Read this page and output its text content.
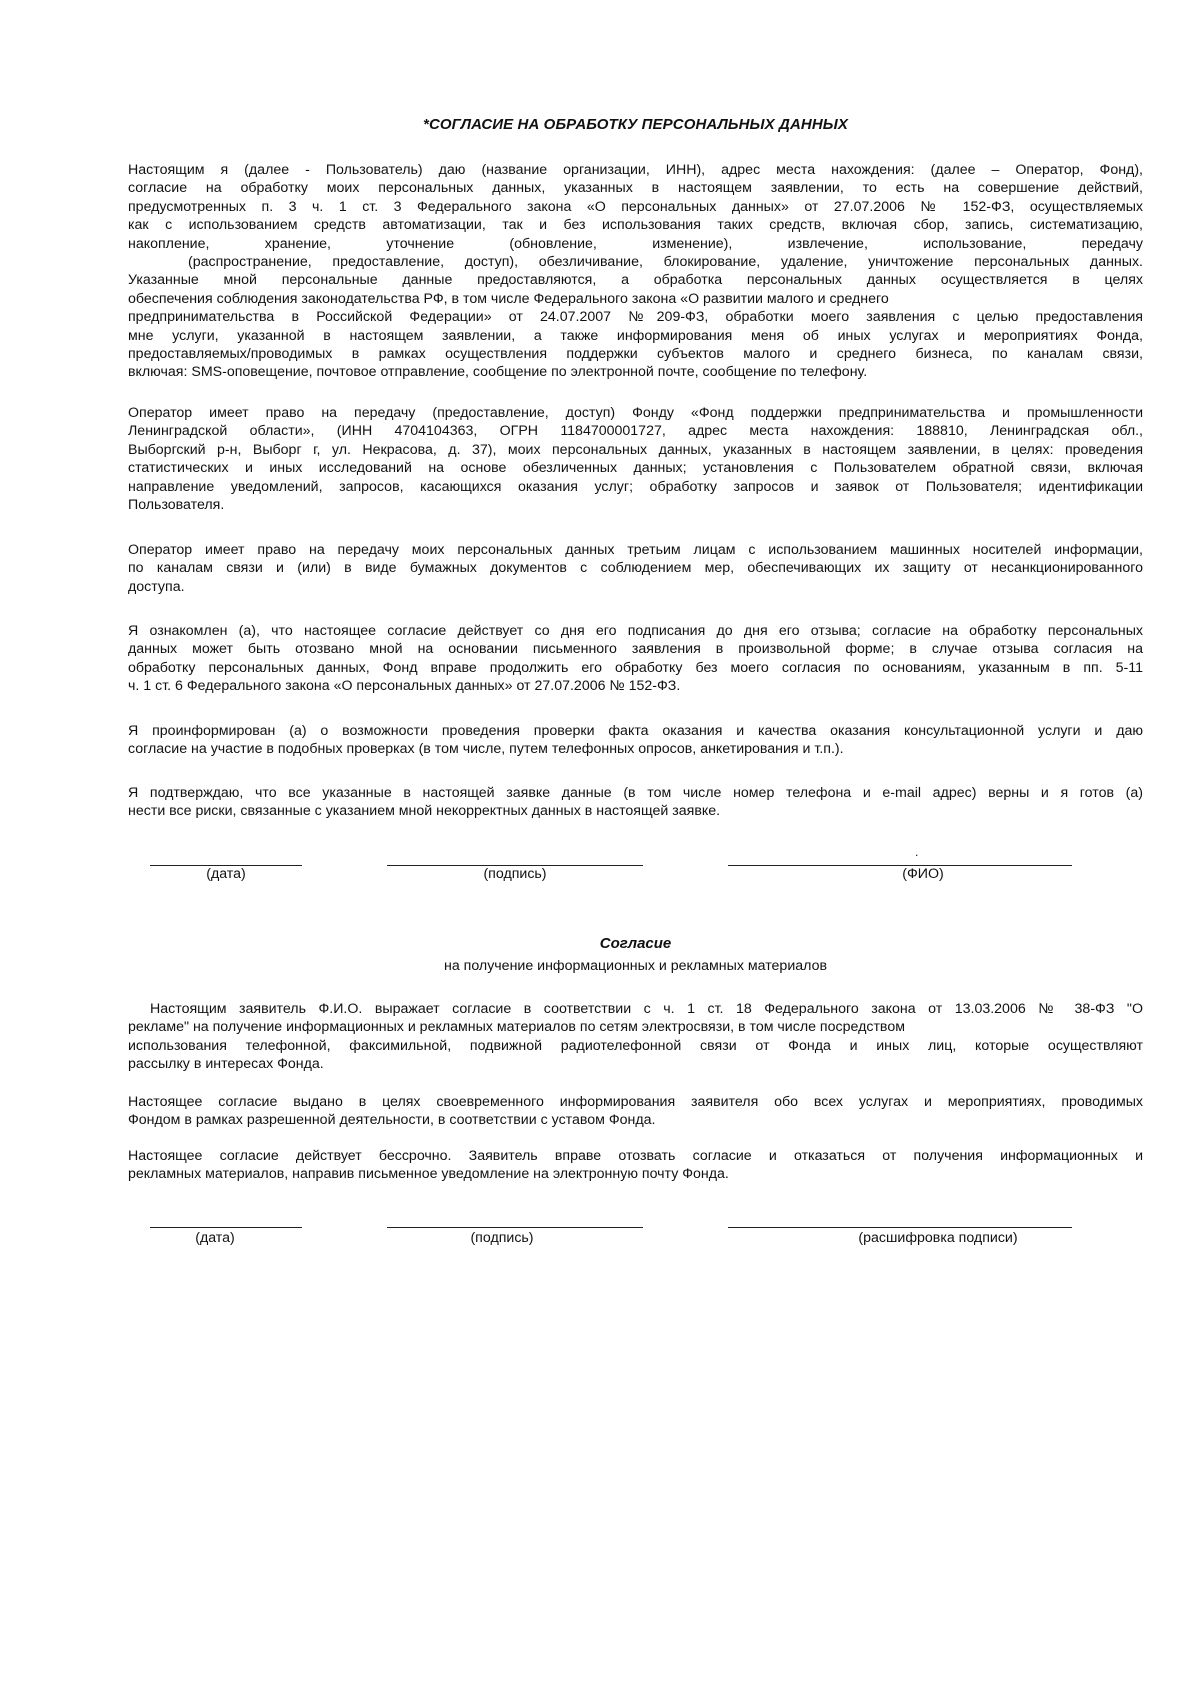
*СОГЛАСИЕ НА ОБРАБОТКУ ПЕРСОНАЛЬНЫХ ДАННЫХ
Настоящим я (далее - Пользователь) даю (название организации, ИНН), адрес места нахождения: (далее – Оператор, Фонд),
согласие на обработку моих персональных данных, указанных в настоящем заявлении, то есть на совершение действий,
предусмотренных п. 3 ч. 1 ст. 3 Федерального закона «О персональных данных» от 27.07.2006 № 152-ФЗ, осуществляемых
как с использованием средств автоматизации, так и без использования таких средств, включая сбор, запись, систематизацию,
накопление, хранение, уточнение (обновление, изменение), извлечение, использование, передачу
(распространение, предоставление, доступ), обезличивание, блокирование, удаление, уничтожение персональных данных.
Указанные мной персональные данные предоставляются, а обработка персональных данных осуществляется в целях
обеспечения соблюдения законодательства РФ, в том числе Федерального закона «О развитии малого и среднего
предпринимательства в Российской Федерации» от 24.07.2007 №209-ФЗ, обработки моего заявления с целью предоставления
мне услуги, указанной в настоящем заявлении, а также информирования меня об иных услугах и мероприятиях Фонда,
предоставляемых/проводимых в рамках осуществления поддержки субъектов малого и среднего бизнеса, по каналам связи,
включая: SMS-оповещение, почтовое отправление, сообщение по электронной почте, сообщение по телефону.
Оператор имеет право на передачу (предоставление, доступ) Фонду «Фонд поддержки предпринимательства и промышленности
Ленинградской области», (ИНН 4704104363, ОГРН 1184700001727, адрес места нахождения: 188810, Ленинградская обл.,
Выборгский р-н, Выборг г, ул. Некрасова, д. 37), моих персональных данных, указанных в настоящем заявлении, в целях: проведения
статистических и иных исследований на основе обезличенных данных; установления с Пользователем обратной связи, включая
направление уведомлений, запросов, касающихся оказания услуг; обработку запросов и заявок от Пользователя; идентификации
Пользователя.
Оператор имеет право на передачу моих персональных данных третьим лицам с использованием машинных носителей информации,
по каналам связи и (или) в виде бумажных документов с соблюдением мер, обеспечивающих их защиту от несанкционированного
доступа.
Я ознакомлен (а), что настоящее согласие действует со дня его подписания до дня его отзыва; согласие на обработку персональных
данных может быть отозвано мной на основании письменного заявления в произвольной форме; в случае отзыва согласия на
обработку персональных данных, Фонд вправе продолжить его обработку без моего согласия по основаниям, указанным в пп. 5-11
ч. 1 ст. 6 Федерального закона «О персональных данных» от 27.07.2006 № 152-ФЗ.
Я проинформирован (а) о возможности проведения проверки факта оказания и качества оказания консультационной услуги и даю
согласие на участие в подобных проверках (в том числе, путем телефонных опросов, анкетирования и т.п.).
Я подтверждаю, что все указанные в настоящей заявке данные (в том числе номер телефона и e-mail адрес) верны и я готов (а)
нести все риски, связанные с указанием мной некорректных данных в настоящей заявке.
.
(дата)	(подпись)	(ФИО)
Согласие
на получение информационных и рекламных материалов
Настоящим заявитель Ф.И.О. выражает согласие в соответствии с ч. 1 ст. 18 Федерального закона от 13.03.2006 № 38-ФЗ "О
рекламе" на получение информационных и рекламных материалов по сетям электросвязи, в том числе посредством
использования телефонной, факсимильной, подвижной радиотелефонной связи от Фонда и иных лиц, которые осуществляют
рассылку в интересах Фонда.
Настоящее согласие выдано в целях своевременного информирования заявителя обо всех услугах и мероприятиях, проводимых
Фондом в рамках разрешенной деятельности, в соответствии с уставом Фонда.
Настоящее согласие действует бессрочно. Заявитель вправе отозвать согласие и отказаться от получения информационных и
рекламных материалов, направив письменное уведомление на электронную почту Фонда.
(дата)	(подпись)	(расшифровка подписи)
